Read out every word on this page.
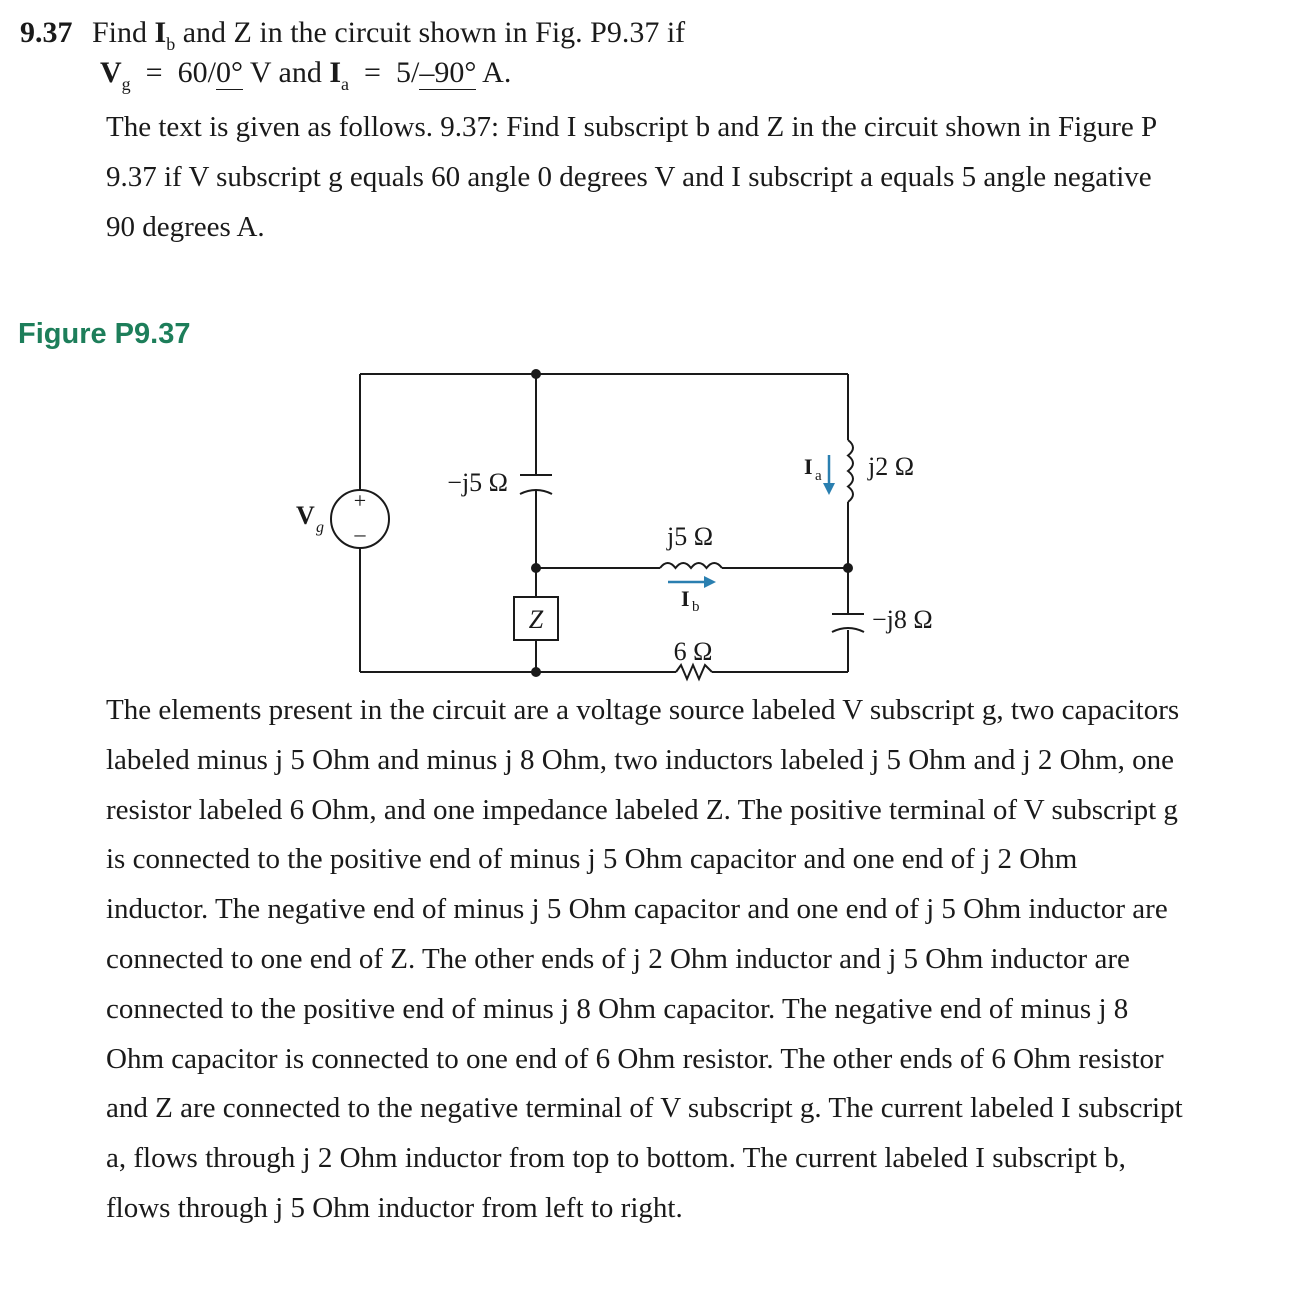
9.37 Find $I_b$ and Z in the circuit shown in Fig. P9.37 if
$V_g = 60/0^\circ$ V and $I_a = 5/-90^\circ$ A.

The text is given as follows. 9.37: Find I subscript b and Z in the circuit shown in Figure P 9.37 if V subscript g equals 60 angle 0 degrees V and I subscript a equals 5 angle negative 90 degrees A.

Figure P9.37
+
–
V g
−j5 Ω
j5 Ω
I b
Z
6 Ω
j2 Ω
I a
−j8 Ω

The elements present in the circuit are a voltage source labeled V subscript g, two capacitors labeled minus j 5 Ohm and minus j 8 Ohm, two inductors labeled j 5 Ohm and j 2 Ohm, one resistor labeled 6 Ohm, and one impedance labeled Z. The positive terminal of V subscript g is connected to the positive end of minus j 5 Ohm capacitor and one end of j 2 Ohm inductor. The negative end of minus j 5 Ohm capacitor and one end of j 5 Ohm inductor are connected to one end of Z. The other ends of j 2 Ohm inductor and j 5 Ohm inductor are connected to the positive end of minus j 8 Ohm capacitor. The negative end of minus j 8 Ohm capacitor is connected to one end of 6 Ohm resistor. The other ends of 6 Ohm resistor and Z are connected to the negative terminal of V subscript g. The current labeled I subscript a, flows through j 2 Ohm inductor from top to bottom. The current labeled I subscript b, flows through j 5 Ohm inductor from left to right.
